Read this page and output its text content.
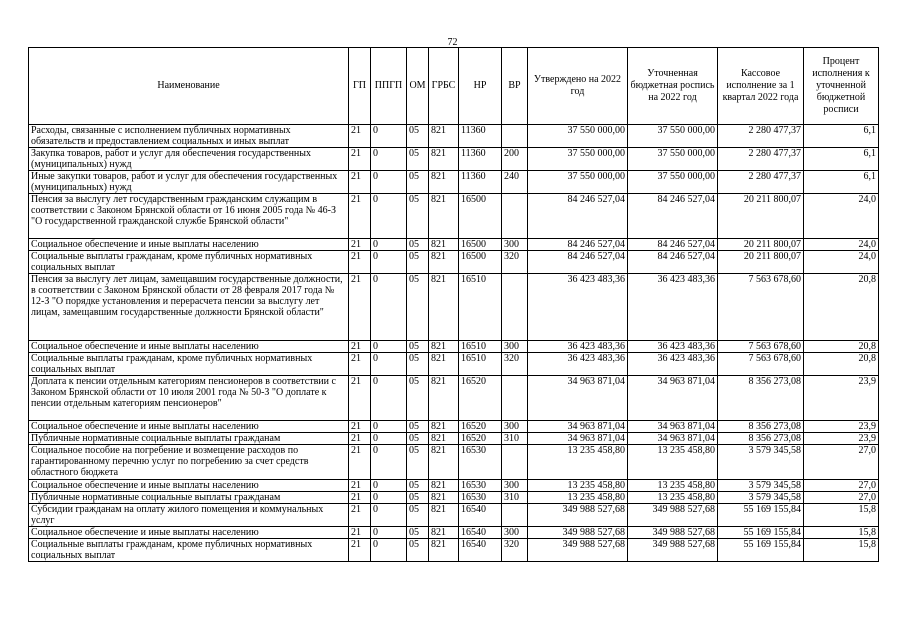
72
Наименование	ГП	ППГП	ОМ	ГРБС	НР	ВР	Утверждено на 2022 год	Уточненная бюджетная роспись на 2022 год	Кассовое исполнение за 1 квартал 2022 года	Процент исполнения к уточненной бюджетной росписи
Расходы, связанные с исполнением публичных нормативных обязательств и предоставлением социальных и иных выплат	21	0	05	821	11360		37 550 000,00	37 550 000,00	2 280 477,37	6,1
Закупка товаров, работ и услуг для обеспечения государственных (муниципальных) нужд	21	0	05	821	11360	200	37 550 000,00	37 550 000,00	2 280 477,37	6,1
Иные закупки товаров, работ и услуг для обеспечения государственных (муниципальных) нужд	21	0	05	821	11360	240	37 550 000,00	37 550 000,00	2 280 477,37	6,1
Пенсия за выслугу лет государственным гражданским служащим в соответствии с Законом Брянской области от 16 июня 2005 года № 46-З "О государственной гражданской службе Брянской области"	21	0	05	821	16500		84 246 527,04	84 246 527,04	20 211 800,07	24,0
Социальное обеспечение и иные выплаты населению	21	0	05	821	16500	300	84 246 527,04	84 246 527,04	20 211 800,07	24,0
Социальные выплаты гражданам, кроме публичных нормативных социальных выплат	21	0	05	821	16500	320	84 246 527,04	84 246 527,04	20 211 800,07	24,0
Пенсия за выслугу лет лицам, замещавшим государственные должности, в соответствии с Законом Брянской области от 28 февраля 2017 года № 12-З "О порядке установления и перерасчета пенсии за выслугу лет лицам, замещавшим государственные должности Брянской области"	21	0	05	821	16510		36 423 483,36	36 423 483,36	7 563 678,60	20,8
Социальное обеспечение и иные выплаты населению	21	0	05	821	16510	300	36 423 483,36	36 423 483,36	7 563 678,60	20,8
Социальные выплаты гражданам, кроме публичных нормативных социальных выплат	21	0	05	821	16510	320	36 423 483,36	36 423 483,36	7 563 678,60	20,8
Доплата к пенсии отдельным категориям пенсионеров в соответствии с Законом Брянской области от 10 июля 2001 года № 50-З "О доплате к пенсии отдельным категориям пенсионеров"	21	0	05	821	16520		34 963 871,04	34 963 871,04	8 356 273,08	23,9
Социальное обеспечение и иные выплаты населению	21	0	05	821	16520	300	34 963 871,04	34 963 871,04	8 356 273,08	23,9
Публичные нормативные социальные выплаты гражданам	21	0	05	821	16520	310	34 963 871,04	34 963 871,04	8 356 273,08	23,9
Социальное пособие на погребение и возмещение расходов по гарантированному перечню услуг по погребению за счет средств областного бюджета	21	0	05	821	16530		13 235 458,80	13 235 458,80	3 579 345,58	27,0
Социальное обеспечение и иные выплаты населению	21	0	05	821	16530	300	13 235 458,80	13 235 458,80	3 579 345,58	27,0
Публичные нормативные социальные выплаты гражданам	21	0	05	821	16530	310	13 235 458,80	13 235 458,80	3 579 345,58	27,0
Субсидии гражданам на оплату жилого помещения и коммунальных услуг	21	0	05	821	16540		349 988 527,68	349 988 527,68	55 169 155,84	15,8
Социальное обеспечение и иные выплаты населению	21	0	05	821	16540	300	349 988 527,68	349 988 527,68	55 169 155,84	15,8
Социальные выплаты гражданам, кроме публичных нормативных социальных выплат	21	0	05	821	16540	320	349 988 527,68	349 988 527,68	55 169 155,84	15,8
